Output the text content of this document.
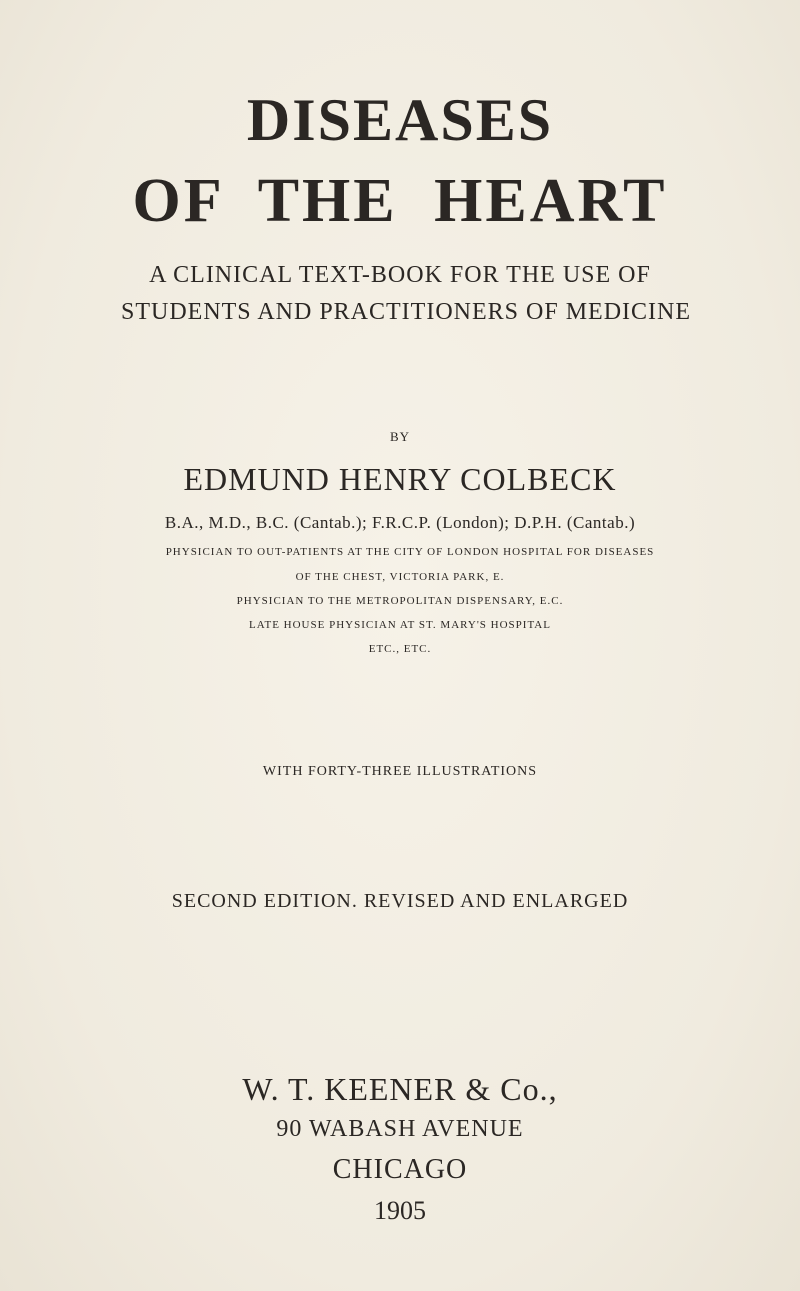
DISEASES
OF THE HEART

A CLINICAL TEXT-BOOK FOR THE USE OF

STUDENTS AND PRACTITIONERS OF MEDICINE

BY

EDMUND HENRY COLBECK

B.A., M.D., B.C. (Cantab.); F.R.C.P. (London); D.P.H. (Cantab.)

PHYSICIAN TO OUT-PATIENTS AT THE CITY OF LONDON HOSPITAL FOR DISEASES

OF THE CHEST, VICTORIA PARK, E.

PHYSICIAN TO THE METROPOLITAN DISPENSARY, E.C.

LATE HOUSE PHYSICIAN AT ST. MARY'S HOSPITAL

ETC., ETC.

WITH FORTY-THREE ILLUSTRATIONS

SECOND EDITION. REVISED AND ENLARGED

W. T. KEENER & Co.,

90 WABASH AVENUE

CHICAGO

1905
